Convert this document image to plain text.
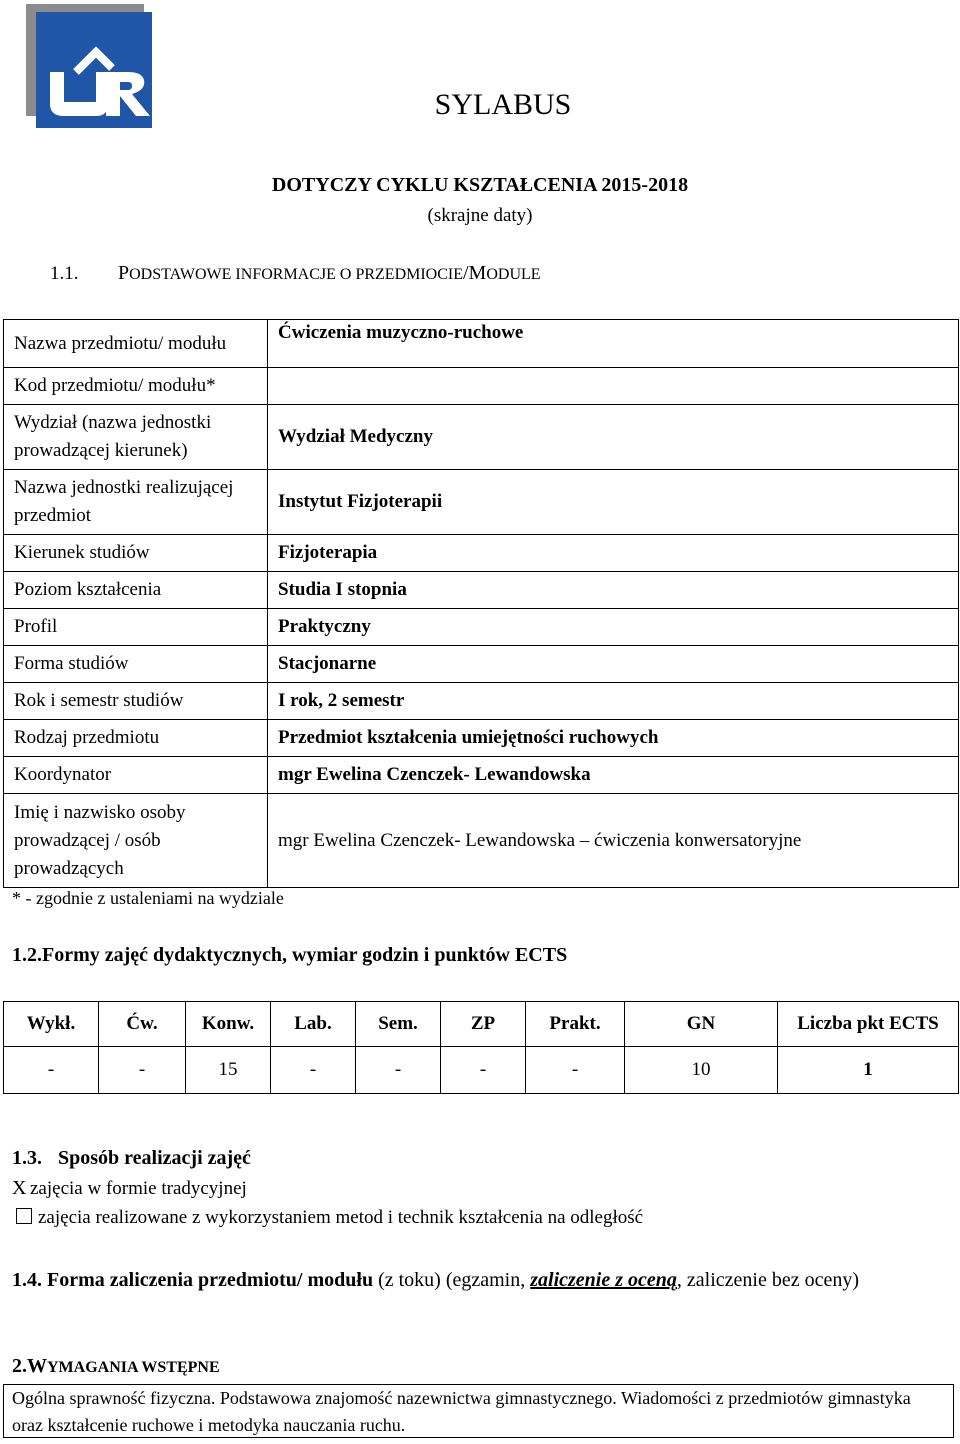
SYLABUS
DOTYCZY CYKLU KSZTAŁCENIA 2015-2018
(skrajne daty)
1.1. PODSTAWOWE INFORMACJE O PRZEDMIOCIE/MODULE
Nazwa przedmiotu/ modułu	Ćwiczenia muzyczno-ruchowe
Kod przedmiotu/ modułu*	
Wydział (nazwa jednostki prowadzącej kierunek)	Wydział Medyczny
Nazwa jednostki realizującej przedmiot	Instytut Fizjoterapii
Kierunek studiów	Fizjoterapia
Poziom kształcenia	Studia I stopnia
Profil	Praktyczny
Forma studiów	Stacjonarne
Rok i semestr studiów	I rok, 2 semestr
Rodzaj przedmiotu	Przedmiot kształcenia umiejętności ruchowych
Koordynator	mgr Ewelina Czenczek- Lewandowska
Imię i nazwisko osoby prowadzącej / osób prowadzących	mgr Ewelina Czenczek- Lewandowska – ćwiczenia konwersatoryjne
* - zgodnie z ustaleniami na wydziale
1.2.Formy zajęć dydaktycznych, wymiar godzin i punktów ECTS
Wykł.	Ćw.	Konw.	Lab.	Sem.	ZP	Prakt.	GN	Liczba pkt ECTS
-	-	15	-	-	-	-	10	1
1.3. Sposób realizacji zajęć
X zajęcia w formie tradycyjnej
zajęcia realizowane z wykorzystaniem metod i technik kształcenia na odległość
1.4. Forma zaliczenia przedmiotu/ modułu (z toku) (egzamin, zaliczenie z oceną, zaliczenie bez oceny)
2.WYMAGANIA WSTĘPNE
Ogólna sprawność fizyczna. Podstawowa znajomość nazewnictwa gimnastycznego. Wiadomości z przedmiotów gimnastyka oraz kształcenie ruchowe i metodyka nauczania ruchu.
